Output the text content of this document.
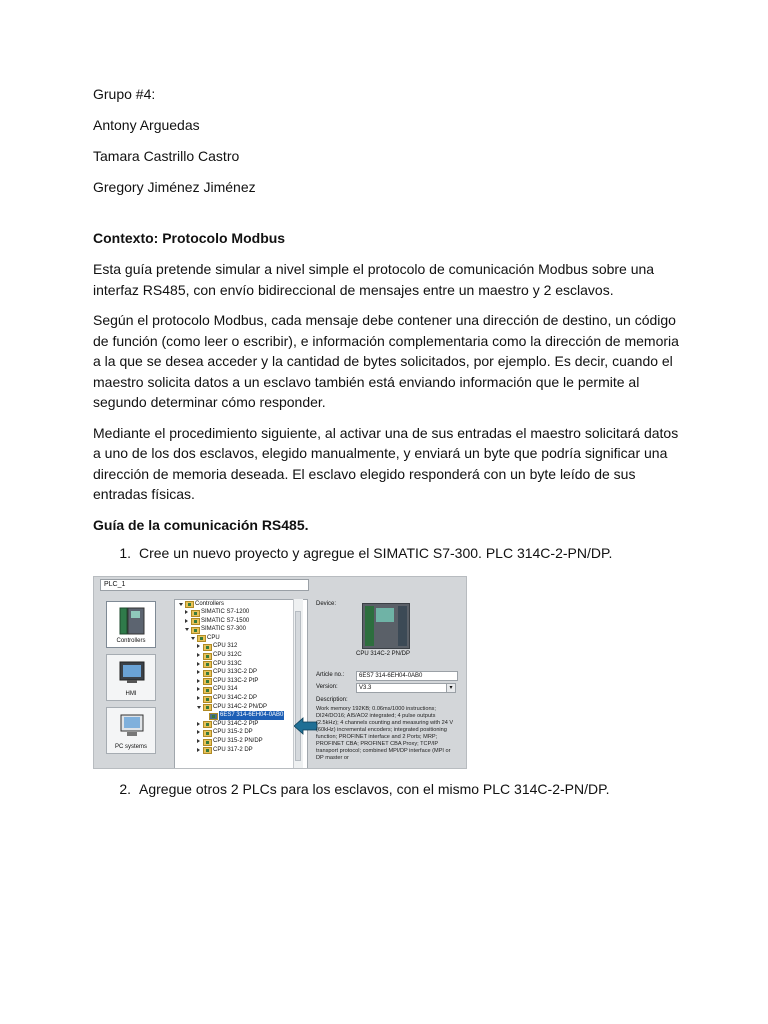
Grupo #4:

Antony Arguedas

Tamara Castrillo Castro

Gregory Jiménez Jiménez

Contexto: Protocolo Modbus

Esta guía pretende simular a nivel simple el protocolo de comunicación Modbus sobre una interfaz RS485, con envío bidireccional de mensajes entre un maestro y 2 esclavos.

Según el protocolo Modbus, cada mensaje debe contener una dirección de destino, un código de función (como leer o escribir), e información complementaria como la dirección de memoria a la que se desea acceder y la cantidad de bytes solicitados, por ejemplo. Es decir, cuando el maestro solicita datos a un esclavo también está enviando información que le permite al segundo determinar cómo responder.

Mediante el procedimiento siguiente, al activar una de sus entradas el maestro solicitará datos a uno de los dos esclavos, elegido manualmente, y enviará un byte que podría significar una dirección de memoria deseada. El esclavo elegido responderá con un byte leído de sus entradas físicas.

Guía de la comunicación RS485.

1. Cree un nuevo proyecto y agregue el SIMATIC S7-300. PLC 314C-2-PN/DP.
PLC_1
Controllers
HMI
PC systems
Controllers
SIMATIC S7-1200
SIMATIC S7-1500
SIMATIC S7-300
CPU
CPU 312
CPU 312C
CPU 313C
CPU 313C-2 DP
CPU 313C-2 PtP
CPU 314
CPU 314C-2 DP
CPU 314C-2 PN/DP
6ES7 314-6EH04-0AB0
CPU 314C-2 PtP
CPU 315-2 DP
CPU 315-2 PN/DP
CPU 317-2 DP
Device:
CPU 314C-2 PN/DP
Article no.:	6ES7 314-6EH04-0AB0
Version:	V3.3	▾
Description:
Work memory 192KB; 0.06ms/1000 instructions; DI24/DO16; AI5/AO2 integrated; 4 pulse outputs (2.5kHz); 4 channels counting and measuring with 24 V (60kHz) incremental encoders; integrated positioning function; PROFINET interface and 2 Ports; MRP; PROFINET CBA; PROFINET CBA Proxy; TCP/IP transport protocol; combined MPI/DP interface (MPI or DP master or
2. Agregue otros 2 PLCs para los esclavos, con el mismo PLC 314C-2-PN/DP.
